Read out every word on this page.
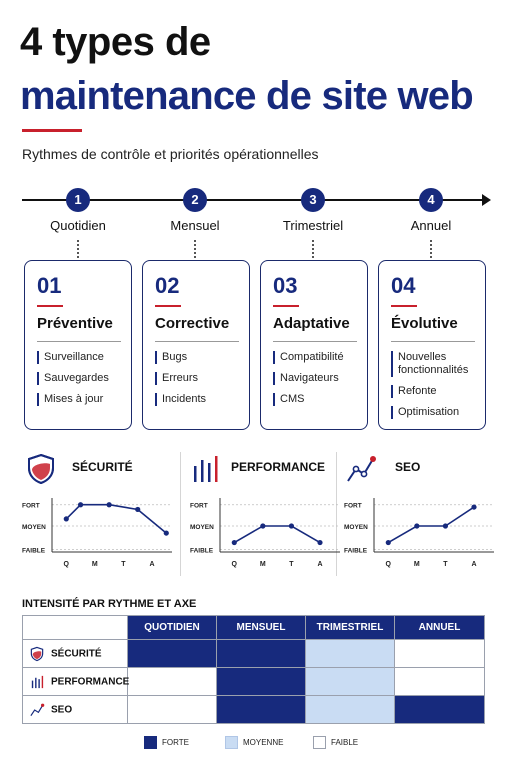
4 types de
maintenance de site web
Rythmes de contrôle et priorités opérationnelles
1	2	3	4
Quotidien	Mensuel	Trimestriel	Annuel
01
Préventive
Surveillance
Sauvegardes
Mises à jour
02
Corrective
Bugs
Erreurs
Incidents
03
Adaptative
Compatibilité
Navigateurs
CMS
04
Évolutive
Nouvelles fonctionnalités
Refonte
Optimisation
SÉCURITÉ	PERFORMANCE	SEO
FAIBLE
MOYEN
FORT
Q	M	T	A
FAIBLE
MOYEN
FORT
Q	M	T	A
FAIBLE
MOYEN
FORT
Q	M	T	A
INTENSITÉ PAR RYTHME ET AXE
	QUOTIDIEN	MENSUEL	TRIMESTRIEL	ANNUEL
SÉCURITÉ				
PERFORMANCE				
SEO				
FORTE	MOYENNE	FAIBLE
